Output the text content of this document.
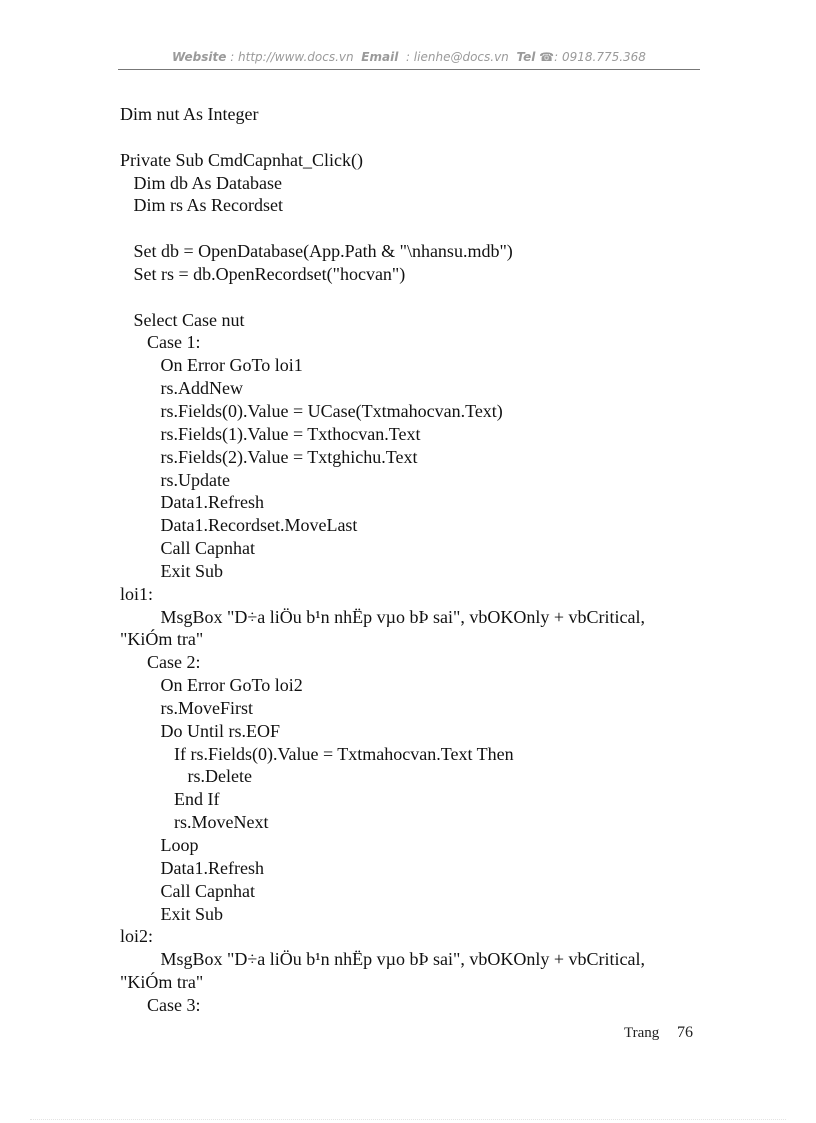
Website : http://www.docs.vn Email : lienhe@docs.vn Tel ☎: 0918.775.368
Dim nut As Integer
Private Sub CmdCapnhat_Click()
Dim db As Database
Dim rs As Recordset
Set db = OpenDatabase(App.Path & "\nhansu.mdb")
Set rs = db.OpenRecordset("hocvan")
Select Case nut
Case 1:
On Error GoTo loi1
rs.AddNew
rs.Fields(0).Value = UCase(Txtmahocvan.Text)
rs.Fields(1).Value = Txthocvan.Text
rs.Fields(2).Value = Txtghichu.Text
rs.Update
Data1.Refresh
Data1.Recordset.MoveLast
Call Capnhat
Exit Sub
loi1:
MsgBox "D÷a liÖu b¹n nhËp vµo bÞ sai", vbOKOnly + vbCritical,
"KiÓm tra"
Case 2:
On Error GoTo loi2
rs.MoveFirst
Do Until rs.EOF
If rs.Fields(0).Value = Txtmahocvan.Text Then
rs.Delete
End If
rs.MoveNext
Loop
Data1.Refresh
Call Capnhat
Exit Sub
loi2:
MsgBox "D÷a liÖu b¹n nhËp vµo bÞ sai", vbOKOnly + vbCritical,
"KiÓm tra"
Case 3:
Trang 76
